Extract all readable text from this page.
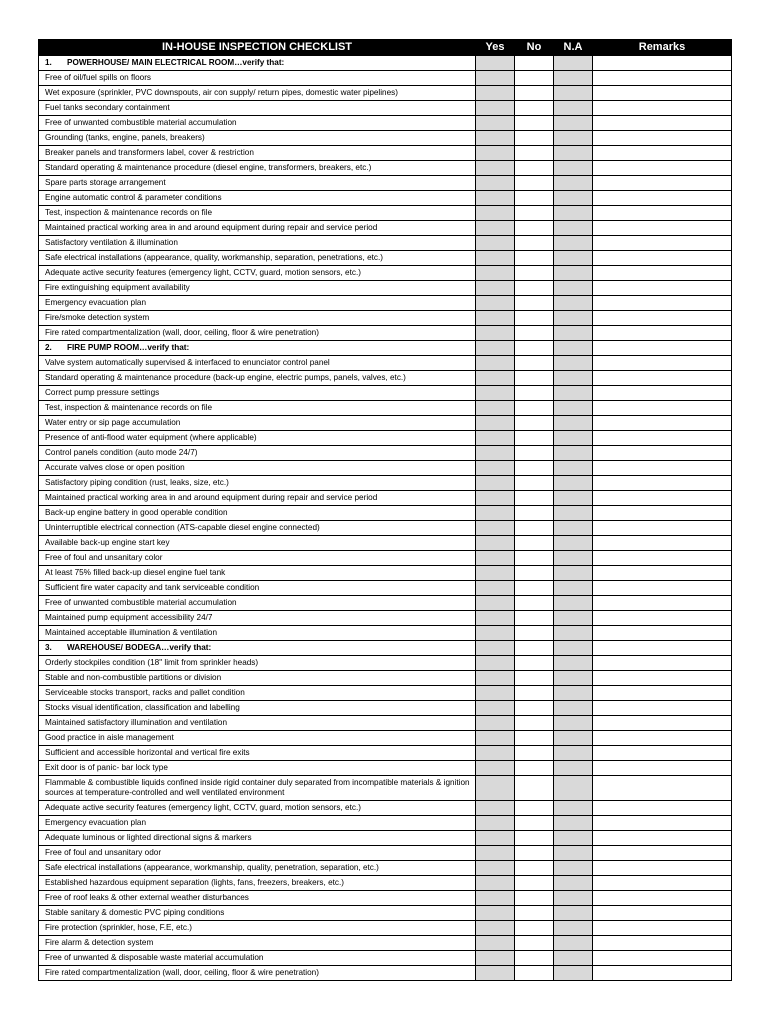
IN-HOUSE INSPECTION CHECKLIST	Yes	No	N.A	Remarks
1. POWERHOUSE/ MAIN ELECTRICAL ROOM…verify that:				
Free of oil/fuel spills on floors				
Wet exposure (sprinkler, PVC downspouts, air con supply/ return pipes, domestic water pipelines)				
Fuel tanks secondary containment				
Free of unwanted combustible material accumulation				
Grounding (tanks, engine, panels, breakers)				
Breaker panels and transformers label, cover & restriction				
Standard operating & maintenance procedure (diesel engine, transformers, breakers, etc.)				
Spare parts storage arrangement				
Engine automatic control & parameter conditions				
Test, inspection & maintenance records on file				
Maintained practical working area in and around equipment during repair and service period				
Satisfactory ventilation & illumination				
Safe electrical installations (appearance, quality, workmanship, separation, penetrations, etc.)				
Adequate active security features (emergency light, CCTV, guard, motion sensors, etc.)				
Fire extinguishing equipment availability				
Emergency evacuation plan				
Fire/smoke detection system				
Fire rated compartmentalization (wall, door, ceiling, floor & wire penetration)				
2. FIRE PUMP ROOM…verify that:				
Valve system automatically supervised & interfaced to enunciator control panel				
Standard operating & maintenance procedure (back-up engine, electric pumps, panels, valves, etc.)				
Correct pump pressure settings				
Test, inspection & maintenance records on file				
Water entry or sip page accumulation				
Presence of anti-flood water equipment (where applicable)				
Control panels condition (auto mode 24/7)				
Accurate valves close or open position				
Satisfactory piping condition (rust, leaks, size, etc.)				
Maintained practical working area in and around equipment during repair and service period				
Back-up engine battery in good operable condition				
Uninterruptible electrical connection (ATS-capable diesel engine connected)				
Available back-up engine start key				
Free of foul and unsanitary color				
At least 75% filled back-up diesel engine fuel tank				
Sufficient fire water capacity and tank serviceable condition				
Free of unwanted combustible material accumulation				
Maintained pump equipment accessibility 24/7				
Maintained acceptable illumination & ventilation				
3. WAREHOUSE/ BODEGA…verify that:				
Orderly stockpiles condition (18" limit from sprinkler heads)				
Stable and non-combustible partitions or division				
Serviceable stocks transport, racks and pallet condition				
Stocks visual identification, classification and labelling				
Maintained satisfactory illumination and ventilation				
Good practice in aisle management				
Sufficient and accessible horizontal and vertical fire exits				
Exit door is of panic- bar lock type				
Flammable & combustible liquids confined inside rigid container duly separated from incompatible materials & ignition sources at temperature-controlled and well ventilated environment				
Adequate active security features (emergency light, CCTV, guard, motion sensors, etc.)				
Emergency evacuation plan				
Adequate luminous or lighted directional signs & markers				
Free of foul and unsanitary odor				
Safe electrical installations (appearance, workmanship, quality, penetration, separation, etc.)				
Established hazardous equipment separation (lights, fans, freezers, breakers, etc.)				
Free of roof leaks & other external weather disturbances				
Stable sanitary & domestic PVC piping conditions				
Fire protection (sprinkler, hose, F.E, etc.)				
Fire alarm & detection system				
Free of unwanted & disposable waste material accumulation				
Fire rated compartmentalization (wall, door, ceiling, floor & wire penetration)				
